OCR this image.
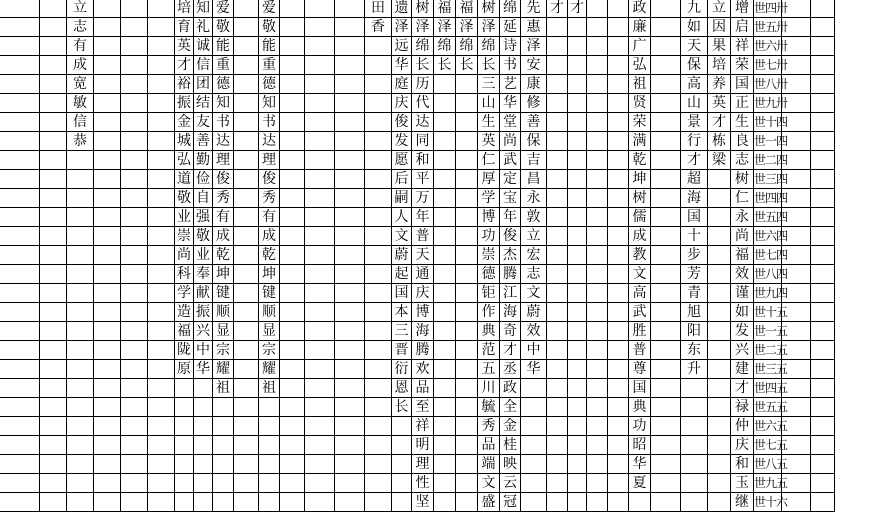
立
志
有
成
宽
敏
信
恭
培
育
英
才
裕
振
金
城
弘
道
敬
业
崇
尚
科
学
造
福
陇
原
知
礼
诚
信
团
结
友
善
勤
俭
自
强
敬
业
奉
献
振
兴
中
华
爱
敬
能
重
德
知
书
达
理
俊
秀
有
成
乾
坤
键
顺
显
宗
耀
祖
爱
敬
能
重
德
知
书
达
理
俊
秀
有
成
乾
坤
键
顺
显
宗
耀
祖
田
香
遗
泽
远
华
庭
庆
俊
发
愿
后
嗣
人
文
蔚
起
国
本
三
晋
衍
恩
长
树
泽
绵
长
历
代
达
同
和
平
万
年
普
天
通
庆
博
海
腾
欢
品
至
祥
明
理
性
坚
福
泽
绵
长
福
泽
绵
长
树
泽
绵
长
三
山
生
英
仁
厚
学
博
功
崇
德
钜
作
典
范
五
川
毓
秀
品
端
文
盛
绵
延
诗
书
艺
华
堂
尚
武
定
宝
年
俊
杰
腾
江
海
奇
才
丞
政
全
金
桂
映
云
冠
先
惠
泽
安
康
修
善
保
吉
昌
永
敦
立
宏
志
文
蔚
效
中
华
才 才	政
廉
广
弘
祖
贤
荣
满
乾
坤
树
儒
成
教
文
高
武
胜
普
尊
国
典
功
昭
华
夏
九
如
天
保
高
山
景
行
才
超
海
国
十
步
芳
青
旭
阳
东
升
立
因
果
培
养
英
才
栋
梁
增
启
祥
荣
国
正
生
良
志
树
仁
永
尚
福
效
谨
如
发
兴
建
才
禄
仲
庆
和
玉
继
世四卅
世五卅
世六卅
世七卅
世八卅
世九卅
世十四
世一四
世二四
世三四
世四四
世五四
世六四
世七四
世八四
世九四
世十五
世一五
世二五
世三五
世四五
世五五
世六五
世七五
世八五
世九五
世十六
